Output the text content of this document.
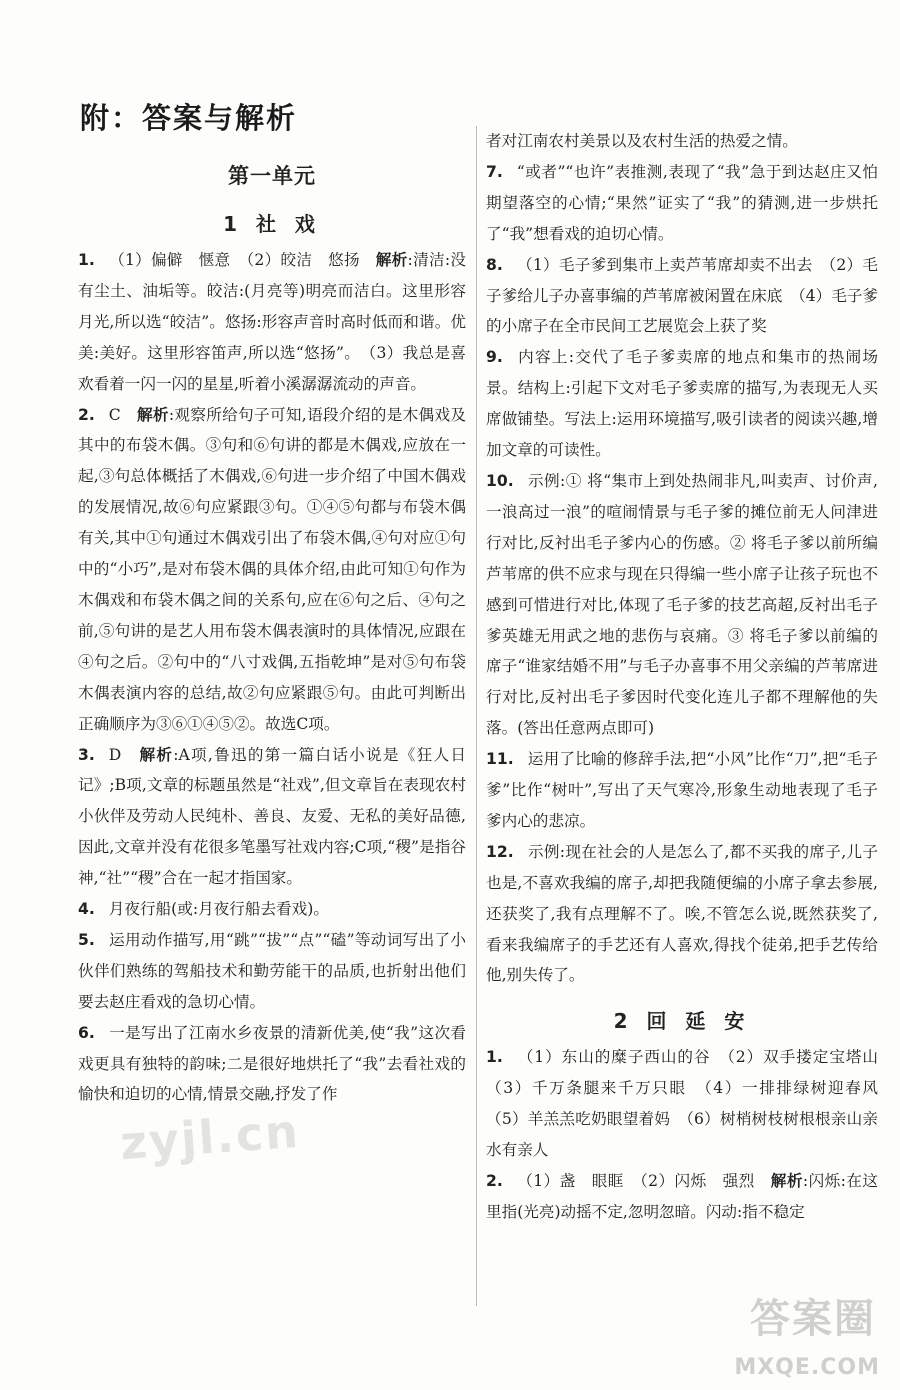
附：答案与解析
第一单元
1 社 戏

1. （1）偏僻　惬意　（2）皎洁　悠扬　解析:清洁:没有尘土、油垢等。皎洁:(月亮等)明亮而洁白。这里形容月光,所以选“皎洁”。悠扬:形容声音时高时低而和谐。优美:美好。这里形容笛声,所以选“悠扬”。　（3）我总是喜欢看着一闪一闪的星星,听着小溪潺潺流动的声音。

2. C　解析:观察所给句子可知,语段介绍的是木偶戏及其中的布袋木偶。③句和⑥句讲的都是木偶戏,应放在一起,③句总体概括了木偶戏,⑥句进一步介绍了中国木偶戏的发展情况,故⑥句应紧跟③句。①④⑤句都与布袋木偶有关,其中①句通过木偶戏引出了布袋木偶,④句对应①句中的“小巧”,是对布袋木偶的具体介绍,由此可知①句作为木偶戏和布袋木偶之间的关系句,应在⑥句之后、④句之前,⑤句讲的是艺人用布袋木偶表演时的具体情况,应跟在④句之后。②句中的“八寸戏偶,五指乾坤”是对⑤句布袋木偶表演内容的总结,故②句应紧跟⑤句。由此可判断出正确顺序为③⑥①④⑤②。故选C项。

3. D　解析:A项,鲁迅的第一篇白话小说是《狂人日记》;B项,文章的标题虽然是“社戏”,但文章旨在表现农村小伙伴及劳动人民纯朴、善良、友爱、无私的美好品德,因此,文章并没有花很多笔墨写社戏内容;C项,“稷”是指谷神,“社”“稷”合在一起才指国家。

4. 月夜行船(或:月夜行船去看戏)。

5. 运用动作描写,用“跳”“拔”“点”“磕”等动词写出了小伙伴们熟练的驾船技术和勤劳能干的品质,也折射出他们要去赵庄看戏的急切心情。

6. 一是写出了江南水乡夜景的清新优美,使“我”这次看戏更具有独特的韵味;二是很好地烘托了“我”去看社戏的愉快和迫切的心情,情景交融,抒发了作

者对江南农村美景以及农村生活的热爱之情。

7. “或者”“也许”表推测,表现了“我”急于到达赵庄又怕期望落空的心情;“果然”证实了“我”的猜测,进一步烘托了“我”想看戏的迫切心情。

8. （1）毛子爹到集市上卖芦苇席却卖不出去　（2）毛子爹给儿子办喜事编的芦苇席被闲置在床底　（4）毛子爹的小席子在全市民间工艺展览会上获了奖

9. 内容上:交代了毛子爹卖席的地点和集市的热闹场景。结构上:引起下文对毛子爹卖席的描写,为表现无人买席做铺垫。写法上:运用环境描写,吸引读者的阅读兴趣,增加文章的可读性。

10. 示例:① 将“集市上到处热闹非凡,叫卖声、讨价声,一浪高过一浪”的喧闹情景与毛子爹的摊位前无人问津进行对比,反衬出毛子爹内心的伤感。② 将毛子爹以前所编芦苇席的供不应求与现在只得编一些小席子让孩子玩也不感到可惜进行对比,体现了毛子爹的技艺高超,反衬出毛子爹英雄无用武之地的悲伤与哀痛。③ 将毛子爹以前编的席子“谁家结婚不用”与毛子办喜事不用父亲编的芦苇席进行对比,反衬出毛子爹因时代变化连儿子都不理解他的失落。(答出任意两点即可)

11. 运用了比喻的修辞手法,把“小风”比作“刀”,把“毛子爹”比作“树叶”,写出了天气寒冷,形象生动地表现了毛子爹内心的悲凉。

12. 示例:现在社会的人是怎么了,都不买我的席子,儿子也是,不喜欢我编的席子,却把我随便编的小席子拿去参展,还获奖了,我有点理解不了。唉,不管怎么说,既然获奖了,看来我编席子的手艺还有人喜欢,得找个徒弟,把手艺传给他,别失传了。

2 回 延 安

1. （1）东山的糜子西山的谷　（2）双手搂定宝塔山　（3）千万条腿来千万只眼　（4）一排排绿树迎春风　（5）羊羔羔吃奶眼望着妈　（6）树梢树枝树根根亲山亲水有亲人

2. （1）盏　眼眶　（2）闪烁　强烈　解析:闪烁:在这里指(光亮)动摇不定,忽明忽暗。闪动:指不稳定

zyjl.cn
答案圈
MXQE.COM
